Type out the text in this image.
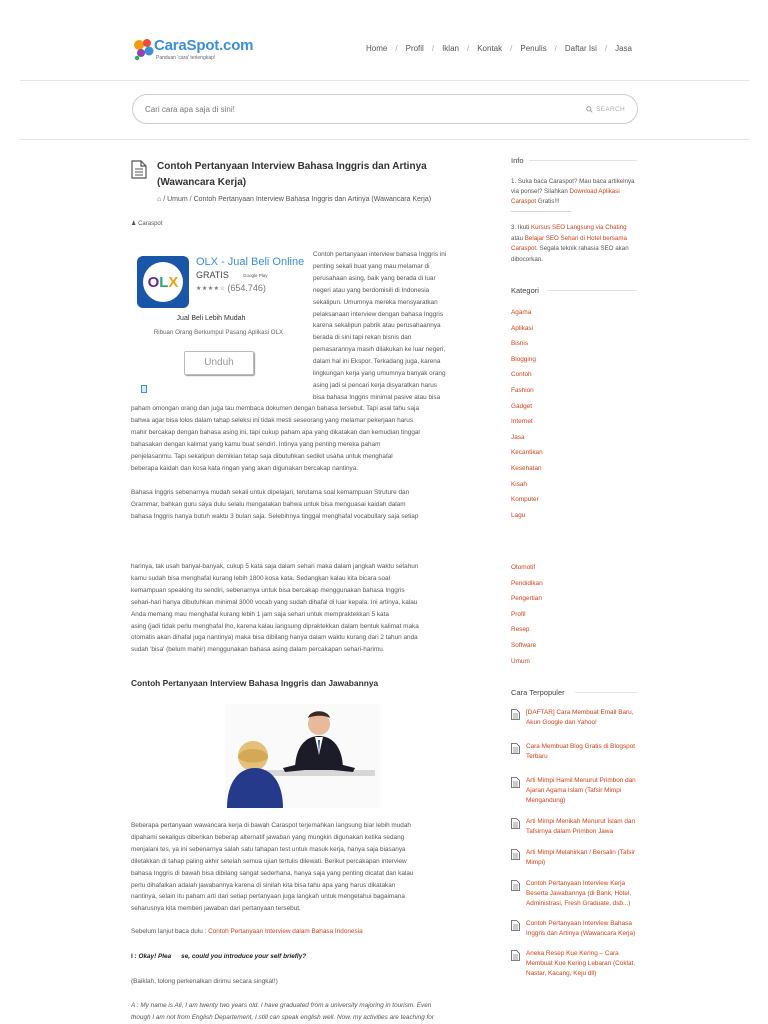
CaraSpot.com
Panduan 'cara' terlengkap!
Home / Profil / Iklan / Kontak / Penulis / Daftar Isi / Jasa
Cari cara apa saja di sini!	SEARCH
Contoh Pertanyaan Interview Bahasa Inggris dan Artinya (Wawancara Kerja)
⌂ / Umum / Contoh Pertanyaan Interview Bahasa Inggris dan Artinya (Wawancara Kerja)
♟ Caraspot
O L X
OLX - Jual Beli Online
GRATIS	Google Play
★★★★☆ (654.746)
Jual Beli Lebih Mudah
Ribuan Orang Berkumpul Pasang Aplikasi OLX
Unduh
Contoh pertanyaan interview bahasa Inggris ini
penting sekali buat yang mau melamar di
perusahaan asing, baik yang berada di luar
negeri atau yang berdomisili di Indonesia
sekalipun. Umumnya mereka mensyaratkan
pelaksanaan interview dengan bahasa Inggris
karena sekalipun pabrik atau perusahaannya
berada di sini tapi rekan bisnis dan
pemasarannya masih dilakukan ke luar negeri,
dalam hal ini Ekspor. Terkadang juga, karena
lingkungan kerja yang umumnya banyak orang
asing jadi si pencari kerja disyaratkan harus
bisa bahasa Inggris minimal pasive atau bisa
paham omongan orang dan juga tau membaca dokumen dengan bahasa tersebut. Tapi asal tahu saja
bahwa agar bisa lolos dalam tahap seleksi ini tidak mesti seseorang yang melamar pekerjaan harus
mahir bercakap dengan bahasa asing ini, tapi cukup paham apa yang dikatakan dan kemudian tinggal
bahasakan dengan kalimat yang kamu buat sendiri. Intinya yang penting mereka paham
penjelasanmu. Tapi sekalipun demikian tetap saja dibutuhkan sedikit usaha untuk menghafal
beberapa kaidah dan kosa kata ringan yang akan digunakan bercakap nantinya.
Bahasa Inggris sebenarnya mudah sekali untuk dipelajari, terutama soal kemampuan Struture dan
Grammar, bahkan guru saya dulu selalu mengatakan bahwa untuk bisa menguasai kaidah dalam
bahasa Inggris hanya butuh waktu 3 bulan saja. Selebihnya tinggal menghafal vocabullary saja setiap
harinya, tak usah banyal-banyak, cukup 5 kata saja dalam sehari maka dalam jangkah waktu setahun
kamu sudah bisa menghafal kurang lebih 1800 kosa kata. Sedangkan kalau kita bicara soal
kemampuan speaking itu sendiri, sebenarnya untuk bisa bercakap menggunakan bahasa Inggris
sehari-hari hanya dibutuhkan minimal 3000 vocab yang sudah dihafal di luar kepala. Ini artinya, kalau
Anda memang mau menghafal kurang lebih 1 jam saja sehari untuk mempraktekkan 5 kata
asing (jadi tidak perlu menghafal lho, karena kalau langsung dipraktekkan dalam bentuk kalimat maka
otomatis akan dihafal juga nantinya) maka bisa dibilang hanya dalam waktu kurang dari 2 tahun anda
sudah 'bisa' (belum mahir) menggunakan bahasa asing dalam percakapan sehari-harimu.
Contoh Pertanyaan Interview Bahasa Inggris dan Jawabannya
Beberapa pertanyaan wawancara kerja di bawah Caraspot terjemahkan langsung biar lebih mudah
dipahami sekaligus diberikan beberap alternatif jawaban yang mungkin digunakan ketika sedang
menjalani tes, ya ini sebenarnya salah satu tahapan test untuk masuk kerja, hanya saja biasanya
diletakkan di tahap paling akhir setelah semua ujian tertulis dilewati. Berikut percakapan interview
bahasa Inggris di bawah bisa dibilang sangat sederhana, hanya saja yang penting dicatat dan kalau
perlu dihafalkan adalah jawabannya karena di sinilah kita bisa tahu apa yang harus dikatakan
nantinya, selain itu paham arti dari setiap pertanyaan juga langkah untuk mengetahui bagaimana
seharusnya kita memberi jawaban dari pertanyaan tersebut.
Sebelum lanjut baca dulu : Contoh Pertanyaan Interview dalam Bahasa Indonesia
I : Okay! Plea se, could you introduce your self briefly?
(Baiklah, tolong perkenalkan dirimu secara singkat!)
A : My name is Ali, I am twenty two years old. I have graduated from a university majoring in tourism. Even
though I am not from English Departement, I still can speak english well. Now, my activities are teaching for
Info
1. Suka baca Caraspot? Mau baca artikelnya via ponsel? Silahkan Download Aplikasi Caraspot Gratis!!!
------------------------------------
3. Ikuti Kursus SEO Langsung via Chating atau Belajar SEO Sehari di Hotel bersama Caraspot. Segala teknik rahasia SEO akan dibocorkan.
Kategori
Agama
Aplikasi
Bisnis
Blogging
Contoh
Fashion
Gadget
Internet
Jasa
Kecantikan
Kesehatan
Kisah
Komputer
Lagu
Otomotif
Pendidikan
Pengertian
Profil
Resep
Software
Umum
Cara Terpopuler
[DAFTAR] Cara Membuat Email Baru, Akun Google dan Yahoo!
Cara Membuat Blog Gratis di Blogspot Terbaru
Arti Mimpi Hamil Menurut Primbon dan Ajaran Agama Islam (Tafsir Mimpi Mengandung)
Arti Mimpi Menikah Menurut Islam dan Tafsirnya dalam Primbon Jawa
Arti Mimpi Melahirkan / Bersalin (Tafsir Mimpi)
Contoh Pertanyaan Interview Kerja Beserta Jawabannya (di Bank, Hotel, Administrasi, Fresh Graduate, dsb...)
Contoh Pertanyaan Interview Bahasa Inggris dan Artinya (Wawancara Kerja)
Aneka Resep Kue Kering – Cara Membuat Kue Kering Lebaran (Coklat, Nastar, Kacang, Keju dll)
